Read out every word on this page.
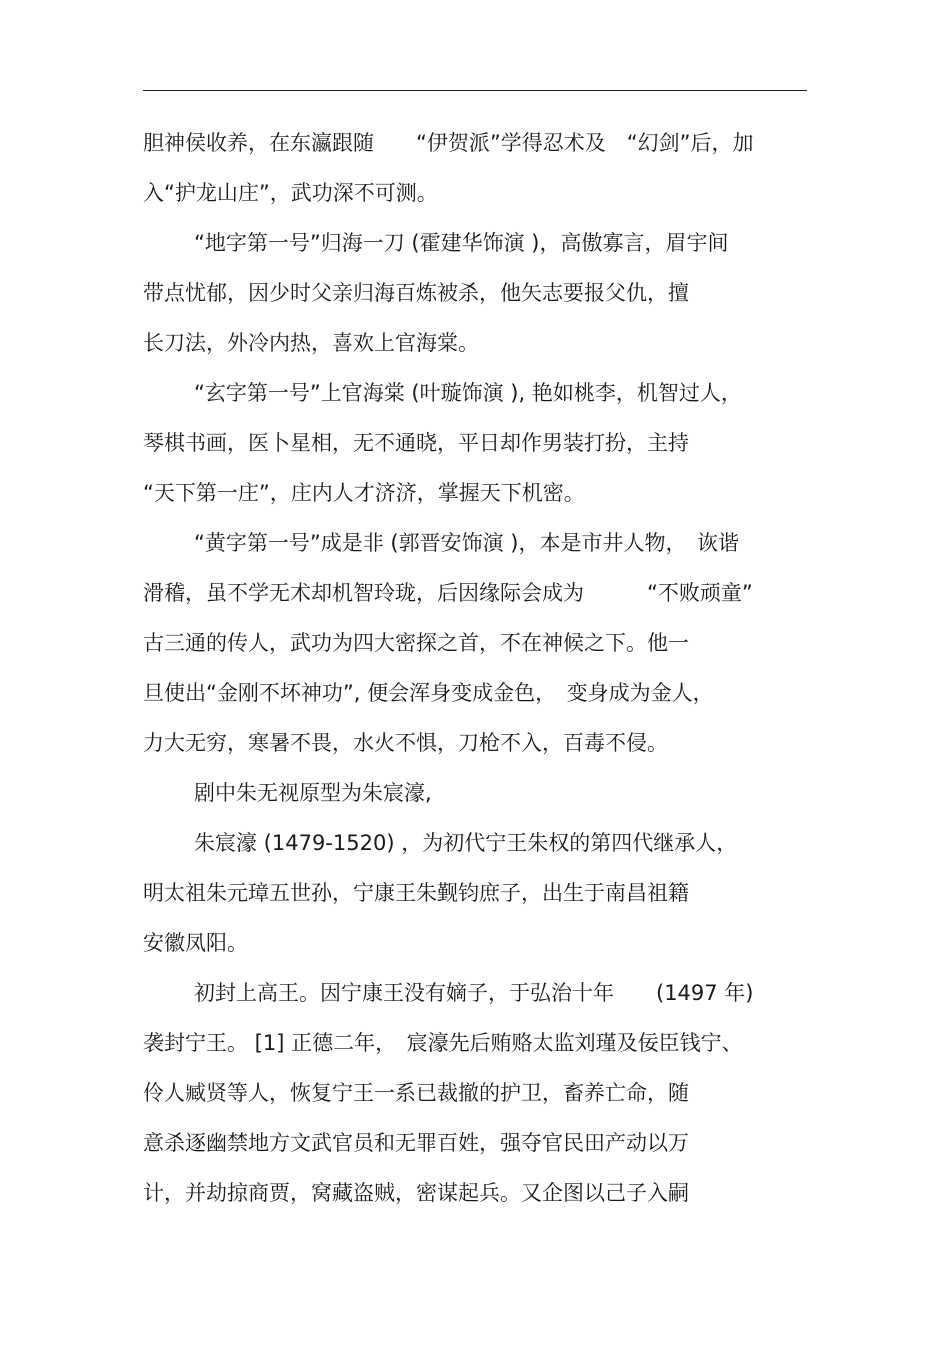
胆神侯收养，在东瀛跟随　　“伊贺派”学得忍术及　“幻剑”后，加
入“护龙山庄”，武功深不可测。
“地字第一号”归海一刀 (霍建华饰演 )，高傲寡言，眉宇间
带点忧郁，因少时父亲归海百炼被杀，他矢志要报父仇，擅
长刀法，外冷内热，喜欢上官海棠。
“玄字第一号”上官海棠 (叶璇饰演 ), 艳如桃李，机智过人，
琴棋书画，医卜星相，无不通晓，平日却作男装打扮，主持
“天下第一庄”，庄内人才济济，掌握天下机密。
“黄字第一号”成是非 (郭晋安饰演 )，本是市井人物，　诙谐
滑稽，虽不学无术却机智玲珑，后因缘际会成为　　　“不败顽童”
古三通的传人，武功为四大密探之首，不在神候之下。他一
旦使出“金刚不坏神功”, 便会浑身变成金色，　变身成为金人，
力大无穷，寒暑不畏，水火不惧，刀枪不入，百毒不侵。
剧中朱无视原型为朱宸濠,
朱宸濠 (1479-1520) ，为初代宁王朱权的第四代继承人，
明太祖朱元璋五世孙，宁康王朱觐钧庶子，出生于南昌祖籍
安徽凤阳。
初封上高王。因宁康王没有嫡子，于弘治十年　　(1497 年)
袭封宁王。 [1] 正德二年，　宸濠先后贿赂太监刘瑾及佞臣钱宁、
伶人臧贤等人，恢复宁王一系已裁撤的护卫，畜养亡命，随
意杀逐幽禁地方文武官员和无罪百姓，强夺官民田产动以万
计，并劫掠商贾，窝藏盗贼，密谋起兵。又企图以己子入嗣
